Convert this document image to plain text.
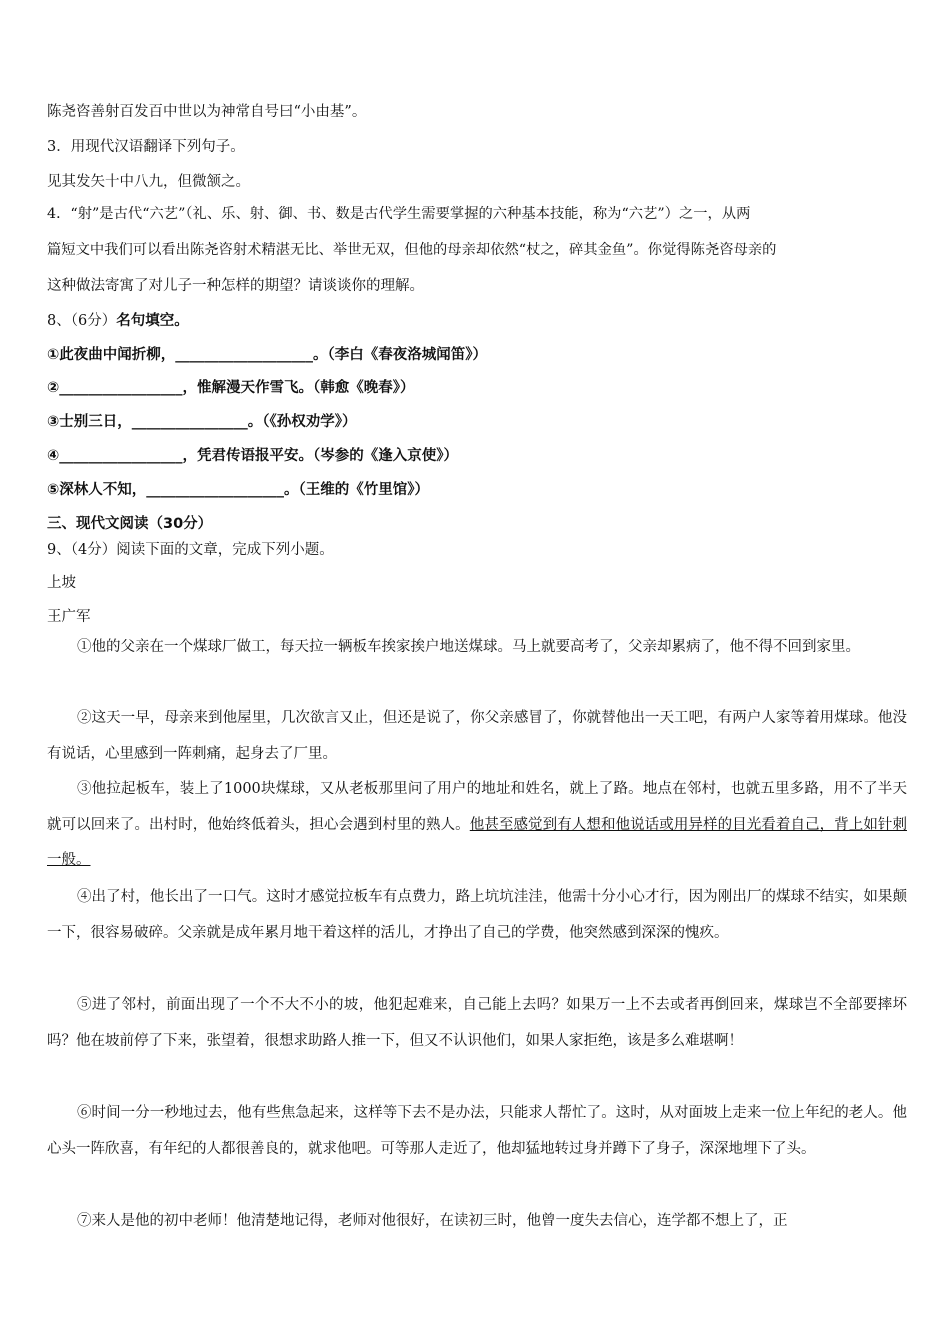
陈尧咨善射百发百中世以为神常自号曰“小由基”。
3．用现代汉语翻译下列句子。
见其发矢十中八九，但微颔之。
4．“射”是古代“六艺”（礼、乐、射、御、书、数是古代学生需要掌握的六种基本技能，称为“六艺”）之一，从两
篇短文中我们可以看出陈尧咨射术精湛无比、举世无双，但他的母亲却依然“杖之，碎其金鱼”。你觉得陈尧咨母亲的
这种做法寄寓了对儿子一种怎样的期望？请谈谈你的理解。
8、（6分）名句填空。
①此夜曲中闻折柳，___________________。（李白《春夜洛城闻笛》）
②_________________，惟解漫天作雪飞。（韩愈《晚春》）
③士别三日，________________。（《孙权劝学》）
④_________________，凭君传语报平安。（岑参的《逢入京使》）
⑤深林人不知，___________________。（王维的《竹里馆》）
三、现代文阅读（30分）
9、（4分）阅读下面的文章，完成下列小题。
上坡
王广军
①他的父亲在一个煤球厂做工，每天拉一辆板车挨家挨户地送煤球。马上就要高考了，父亲却累病了，他不得不回到家里。
②这天一早，母亲来到他屋里，几次欲言又止，但还是说了，你父亲感冒了，你就替他出一天工吧，有两户人家等着用煤球。他没有说话，心里感到一阵刺痛，起身去了厂里。
③他拉起板车，装上了1000块煤球，又从老板那里问了用户的地址和姓名，就上了路。地点在邻村，也就五里多路，用不了半天就可以回来了。出村时，他始终低着头，担心会遇到村里的熟人。他甚至感觉到有人想和他说话或用异样的目光看着自己，背上如针刺一般。
④出了村，他长出了一口气。这时才感觉拉板车有点费力，路上坑坑洼洼，他需十分小心才行，因为刚出厂的煤球不结实，如果颠一下，很容易破碎。父亲就是成年累月地干着这样的活儿，才挣出了自己的学费，他突然感到深深的愧疚。
⑤进了邻村，前面出现了一个不大不小的坡，他犯起难来，自己能上去吗？如果万一上不去或者再倒回来，煤球岂不全部要摔坏吗？他在坡前停了下来，张望着，很想求助路人推一下，但又不认识他们，如果人家拒绝，该是多么难堪啊！
⑥时间一分一秒地过去，他有些焦急起来，这样等下去不是办法，只能求人帮忙了。这时，从对面坡上走来一位上年纪的老人。他心头一阵欣喜，有年纪的人都很善良的，就求他吧。可等那人走近了，他却猛地转过身并蹲下了身子，深深地埋下了头。
⑦来人是他的初中老师！他清楚地记得，老师对他很好，在读初三时，他曾一度失去信心，连学都不想上了，正
